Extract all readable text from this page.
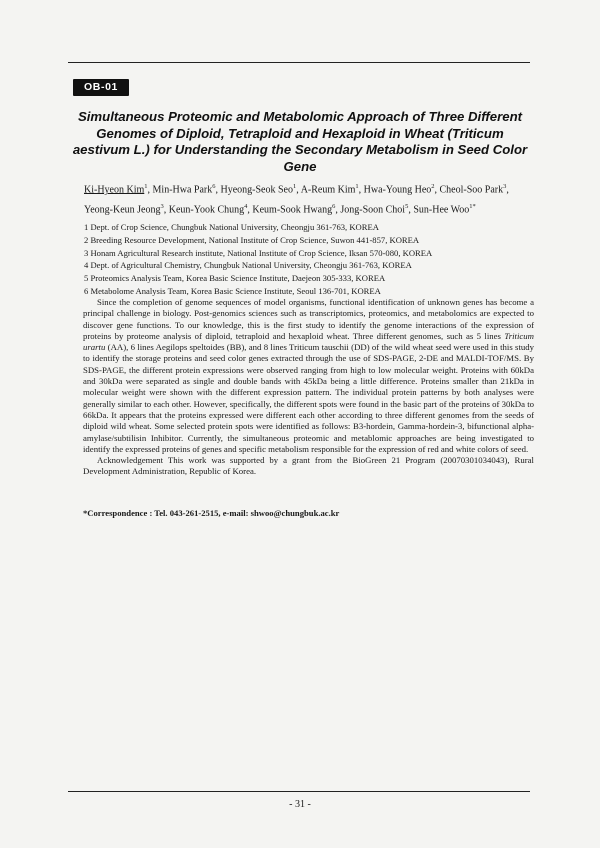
OB-01
Simultaneous Proteomic and Metabolomic Approach of Three Different Genomes of Diploid, Tetraploid and Hexaploid in Wheat (Triticum aestivum L.) for Understanding the Secondary Metabolism in Seed Color Gene
Ki-Hyeon Kim$^1$, Min-Hwa Park$^6$, Hyeong-Seok Seo$^1$, A-Reum Kim$^1$, Hwa-Young Heo$^2$, Cheol-Soo Park$^3$, Yeong-Keun Jeong$^3$, Keun-Yook Chung$^4$, Keum-Sook Hwang$^6$, Jong-Soon Choi$^5$, Sun-Hee Woo$^{1*}$
1 Dept. of Crop Science, Chungbuk National University, Cheongju 361-763, KOREA
2 Breeding Resource Development, National Institute of Crop Science, Suwon 441-857, KOREA
3 Honam Agricultural Research institute, National Institute of Crop Science, Iksan 570-080, KOREA
4 Dept. of Agricultural Chemistry, Chungbuk National University, Cheongju 361-763, KOREA
5 Proteomics Analysis Team, Korea Basic Science Institute, Daejeon 305-333, KOREA
6 Metabolome Analysis Team, Korea Basic Science Institute, Seoul 136-701, KOREA

Since the completion of genome sequences of model organisms, functional identification of unknown genes has become a principal challenge in biology. Post-genomics sciences such as transcriptomics, proteomics, and metabolomics are expected to discover gene functions. To our knowledge, this is the first study to identify the genome interactions of the expression of proteins by proteome analysis of diploid, tetraploid and hexaploid wheat. Three different genomes, such as 5 lines Triticum urartu (AA), 6 lines Aegilops speltoides (BB), and 8 lines Triticum tauschii (DD) of the wild wheat seed were used in this study to identify the storage proteins and seed color genes extracted through the use of SDS-PAGE, 2-DE and MALDI-TOF/MS. By SDS-PAGE, the different protein expressions were observed ranging from high to low molecular weight. Proteins with 60kDa and 30kDa were separated as single and double bands with 45kDa being a little difference. Proteins smaller than 21kDa in molecular weight were shown with the different expression pattern. The individual protein patterns by both analyses were generally similar to each other. However, specifically, the different spots were found in the basic part of the proteins of 30kDa to 66kDa. It appears that the proteins expressed were different each other according to three different genomes from the seeds of diploid wild wheat. Some selected protein spots were identified as follows: B3-hordein, Gamma-hordein-3, bifunctional alpha- amylase/subtilisin Inhibitor. Currently, the simultaneous proteomic and metablomic approaches are being investigated to identify the expressed proteins of genes and specific metabolism responsible for the expression of red and white colors of seed.

Acknowledgement This work was supported by a grant from the BioGreen 21 Program (20070301034043), Rural Development Administration, Republic of Korea.

*Correspondence : Tel. 043-261-2515, e-mail: shwoo@chungbuk.ac.kr
- 31 -
